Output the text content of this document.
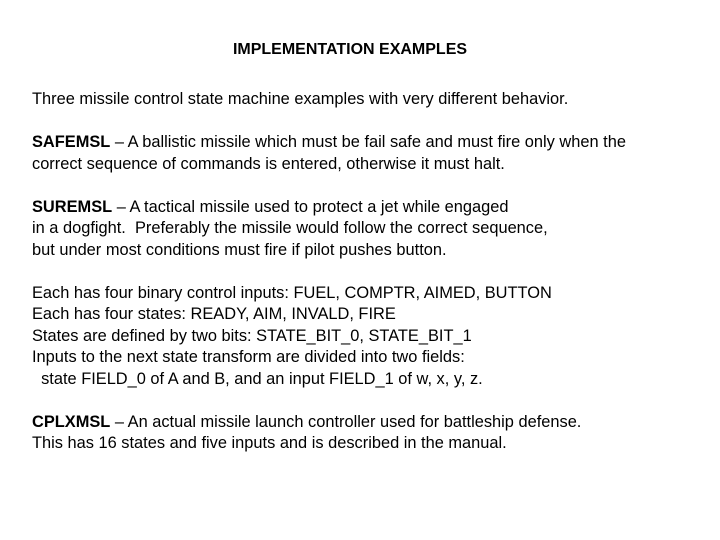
IMPLEMENTATION EXAMPLES
Three missile control state machine examples with very different behavior.
SAFEMSL – A ballistic missile which must be fail safe and must fire only when the
correct sequence of commands is entered, otherwise it must halt.
SUREMSL – A tactical missile used to protect a jet while engaged
in a dogfight.  Preferably the missile would follow the correct sequence,
but under most conditions must fire if pilot pushes button.
Each has four binary control inputs: FUEL, COMPTR, AIMED, BUTTON
Each has four states: READY, AIM, INVALD, FIRE
States are defined by two bits: STATE_BIT_0, STATE_BIT_1
Inputs to the next state transform are divided into two fields:
state FIELD_0 of A and B, and an input FIELD_1 of w, x, y, z.
CPLXMSL – An actual missile launch controller used for battleship defense.
This has 16 states and five inputs and is described in the manual.
